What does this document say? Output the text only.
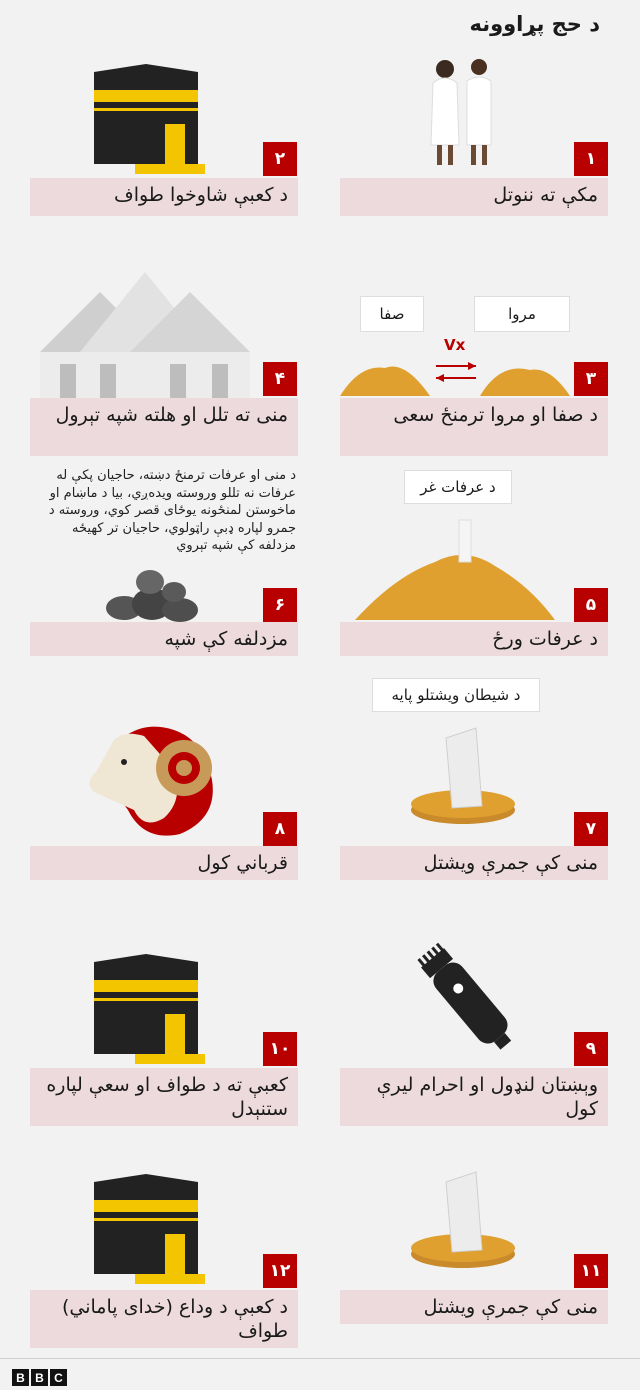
د حج پړاوونه
۱
مکې ته ننوتل
۲
د کعبې شاوخوا طواف
صفا	مروا
Vx
۳
د صفا او مروا ترمنځ سعی
۴
منی ته تلل او هلته شپه تېرول
د عرفات غر
۵
د عرفات ورځ
د منی او عرفات ترمنځ دښته، حاجیان پکې له عرفات نه تللو وروسته ویده‌ږي، بیا د ماښام او ماخوستن لمنځونه یوځای قصر کوي، وروسته د جمرو لپاره ډبې راټولوي، حاجیان تر کهیځه مزدلفه کې شپه تېروي
۶
مزدلفه کې شپه
د شیطان ویشتلو پایه
۷
منی کې جمرې ویشتل
۸
قرباني کول
۹
وېښتان لنډول او احرام لیرې کول
۱۰
کعبې ته د طواف او سعې لپاره ستنېدل
۱۱
منی کې جمرې ویشتل
۱۲
د کعبې د وداع (خدای پاماني) طواف
B B C
